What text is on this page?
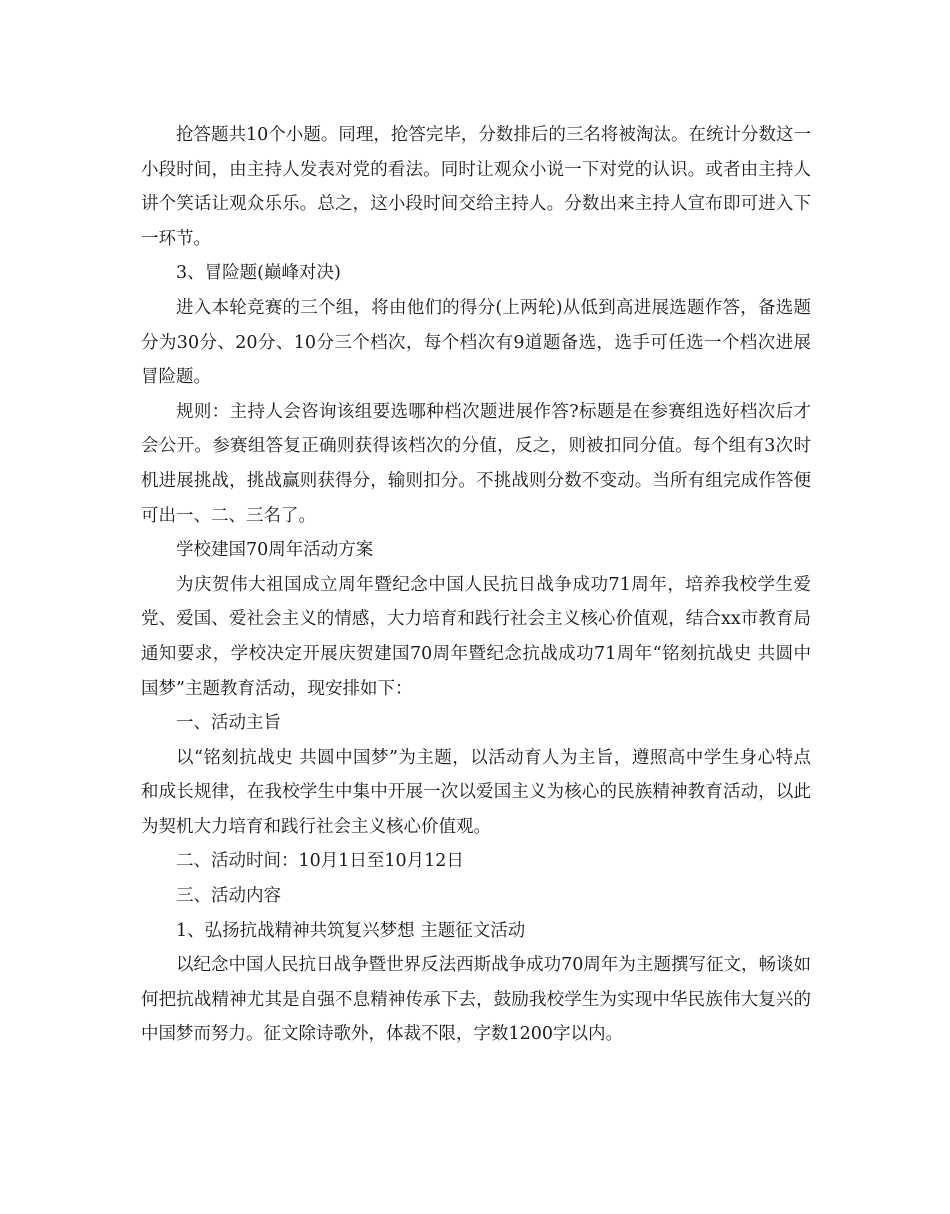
抢答题共10个小题。同理，抢答完毕，分数排后的三名将被淘汰。在统计分数这一小段时间，由主持人发表对党的看法。同时让观众小说一下对党的认识。或者由主持人讲个笑话让观众乐乐。总之，这小段时间交给主持人。分数出来主持人宣布即可进入下一环节。

3、冒险题(巅峰对决)

进入本轮竞赛的三个组，将由他们的得分(上两轮)从低到高进展选题作答，备选题分为30分、20分、10分三个档次，每个档次有9道题备选，选手可任选一个档次进展冒险题。

规则：主持人会咨询该组要选哪种档次题进展作答?标题是在参赛组选好档次后才会公开。参赛组答复正确则获得该档次的分值，反之，则被扣同分值。每个组有3次时机进展挑战，挑战赢则获得分，输则扣分。不挑战则分数不变动。当所有组完成作答便可出一、二、三名了。

学校建国70周年活动方案

为庆贺伟大祖国成立周年暨纪念中国人民抗日战争成功71周年，培养我校学生爱党、爱国、爱社会主义的情感，大力培育和践行社会主义核心价值观，结合xx市教育局通知要求，学校决定开展庆贺建国70周年暨纪念抗战成功71周年“铭刻抗战史 共圆中国梦”主题教育活动，现安排如下：

一、活动主旨

以“铭刻抗战史 共圆中国梦”为主题，以活动育人为主旨，遵照高中学生身心特点和成长规律，在我校学生中集中开展一次以爱国主义为核心的民族精神教育活动，以此为契机大力培育和践行社会主义核心价值观。

二、活动时间：10月1日至10月12日

三、活动内容

1、弘扬抗战精神共筑复兴梦想 主题征文活动

以纪念中国人民抗日战争暨世界反法西斯战争成功70周年为主题撰写征文，畅谈如何把抗战精神尤其是自强不息精神传承下去，鼓励我校学生为实现中华民族伟大复兴的中国梦而努力。征文除诗歌外，体裁不限，字数1200字以内。
